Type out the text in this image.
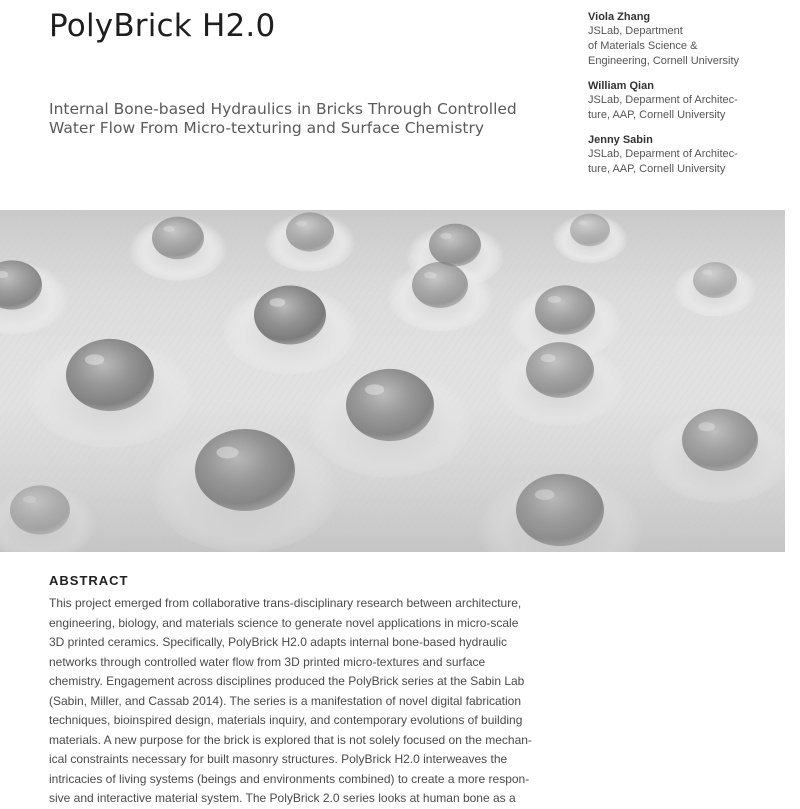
PolyBrick H2.0
Internal Bone-based Hydraulics in Bricks Through Controlled
Water Flow From Micro-texturing and Surface Chemistry
Viola Zhang
JSLab, Department
of Materials Science &
Engineering, Cornell University
William Qian
JSLab, Deparment of Architec-
ture, AAP, Cornell University
Jenny Sabin
JSLab, Deparment of Architec-
ture, AAP, Cornell University
ABSTRACT
This project emerged from collaborative trans-disciplinary research between architecture,
engineering, biology, and materials science to generate novel applications in micro-scale
3D printed ceramics. Specifically, PolyBrick H2.0 adapts internal bone-based hydraulic
networks through controlled water flow from 3D printed micro-textures and surface
chemistry. Engagement across disciplines produced the PolyBrick series at the Sabin Lab
(Sabin, Miller, and Cassab 2014). The series is a manifestation of novel digital fabrication
techniques, bioinspired design, materials inquiry, and contemporary evolutions of building
materials. A new purpose for the brick is explored that is not solely focused on the mechan-
ical constraints necessary for built masonry structures. PolyBrick H2.0 interweaves the
intricacies of living systems (beings and environments combined) to create a more respon-
sive and interactive material system. The PolyBrick 2.0 series looks at human bone as a
